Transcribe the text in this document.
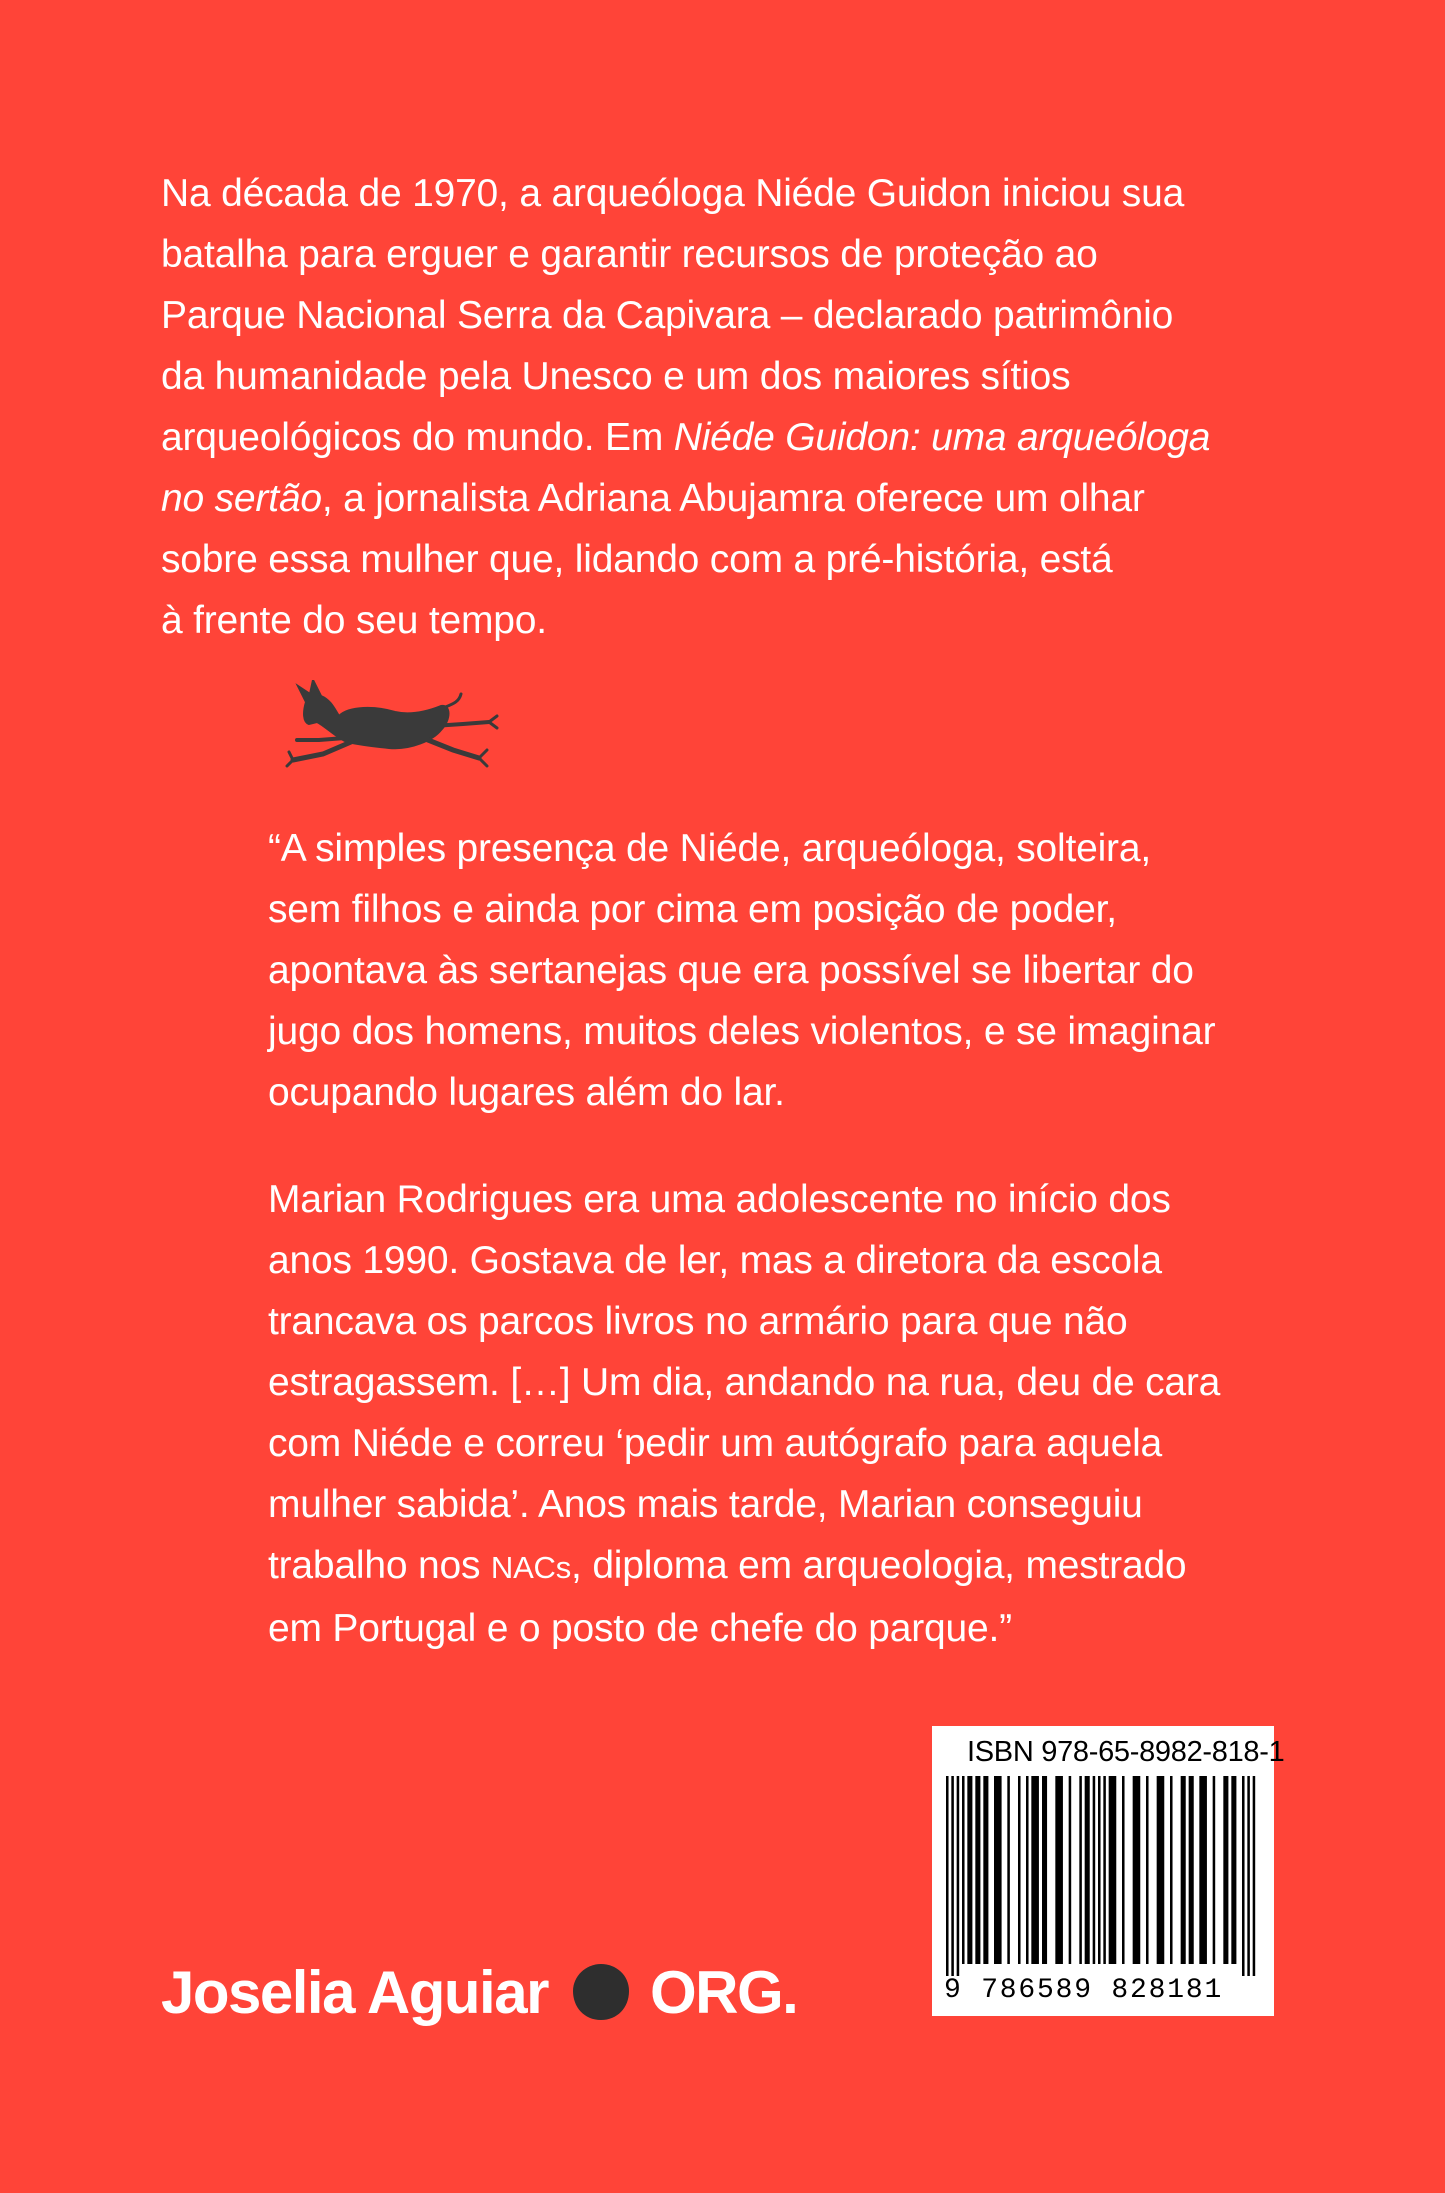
Na década de 1970, a arqueóloga Niéde Guidon iniciou sua
batalha para erguer e garantir recursos de proteção ao
Parque Nacional Serra da Capivara – declarado patrimônio
da humanidade pela Unesco e um dos maiores sítios
arqueológicos do mundo. Em Niéde Guidon: uma arqueóloga
no sertão, a jornalista Adriana Abujamra oferece um olhar
sobre essa mulher que, lidando com a pré-história, está
à frente do seu tempo.

“A simples presença de Niéde, arqueóloga, solteira,
sem filhos e ainda por cima em posição de poder,
apontava às sertanejas que era possível se libertar do
jugo dos homens, muitos deles violentos, e se imaginar
ocupando lugares além do lar.

Marian Rodrigues era uma adolescente no início dos
anos 1990. Gostava de ler, mas a diretora da escola
trancava os parcos livros no armário para que não
estragassem. […] Um dia, andando na rua, deu de cara
com Niéde e correu ‘pedir um autógrafo para aquela
mulher sabida’. Anos mais tarde, Marian conseguiu
trabalho nos NACs, diploma em arqueologia, mestrado
em Portugal e o posto de chefe do parque.”

ISBN 978-65-8982-818-1
9 786589 828181
Joselia Aguiar ORG.
